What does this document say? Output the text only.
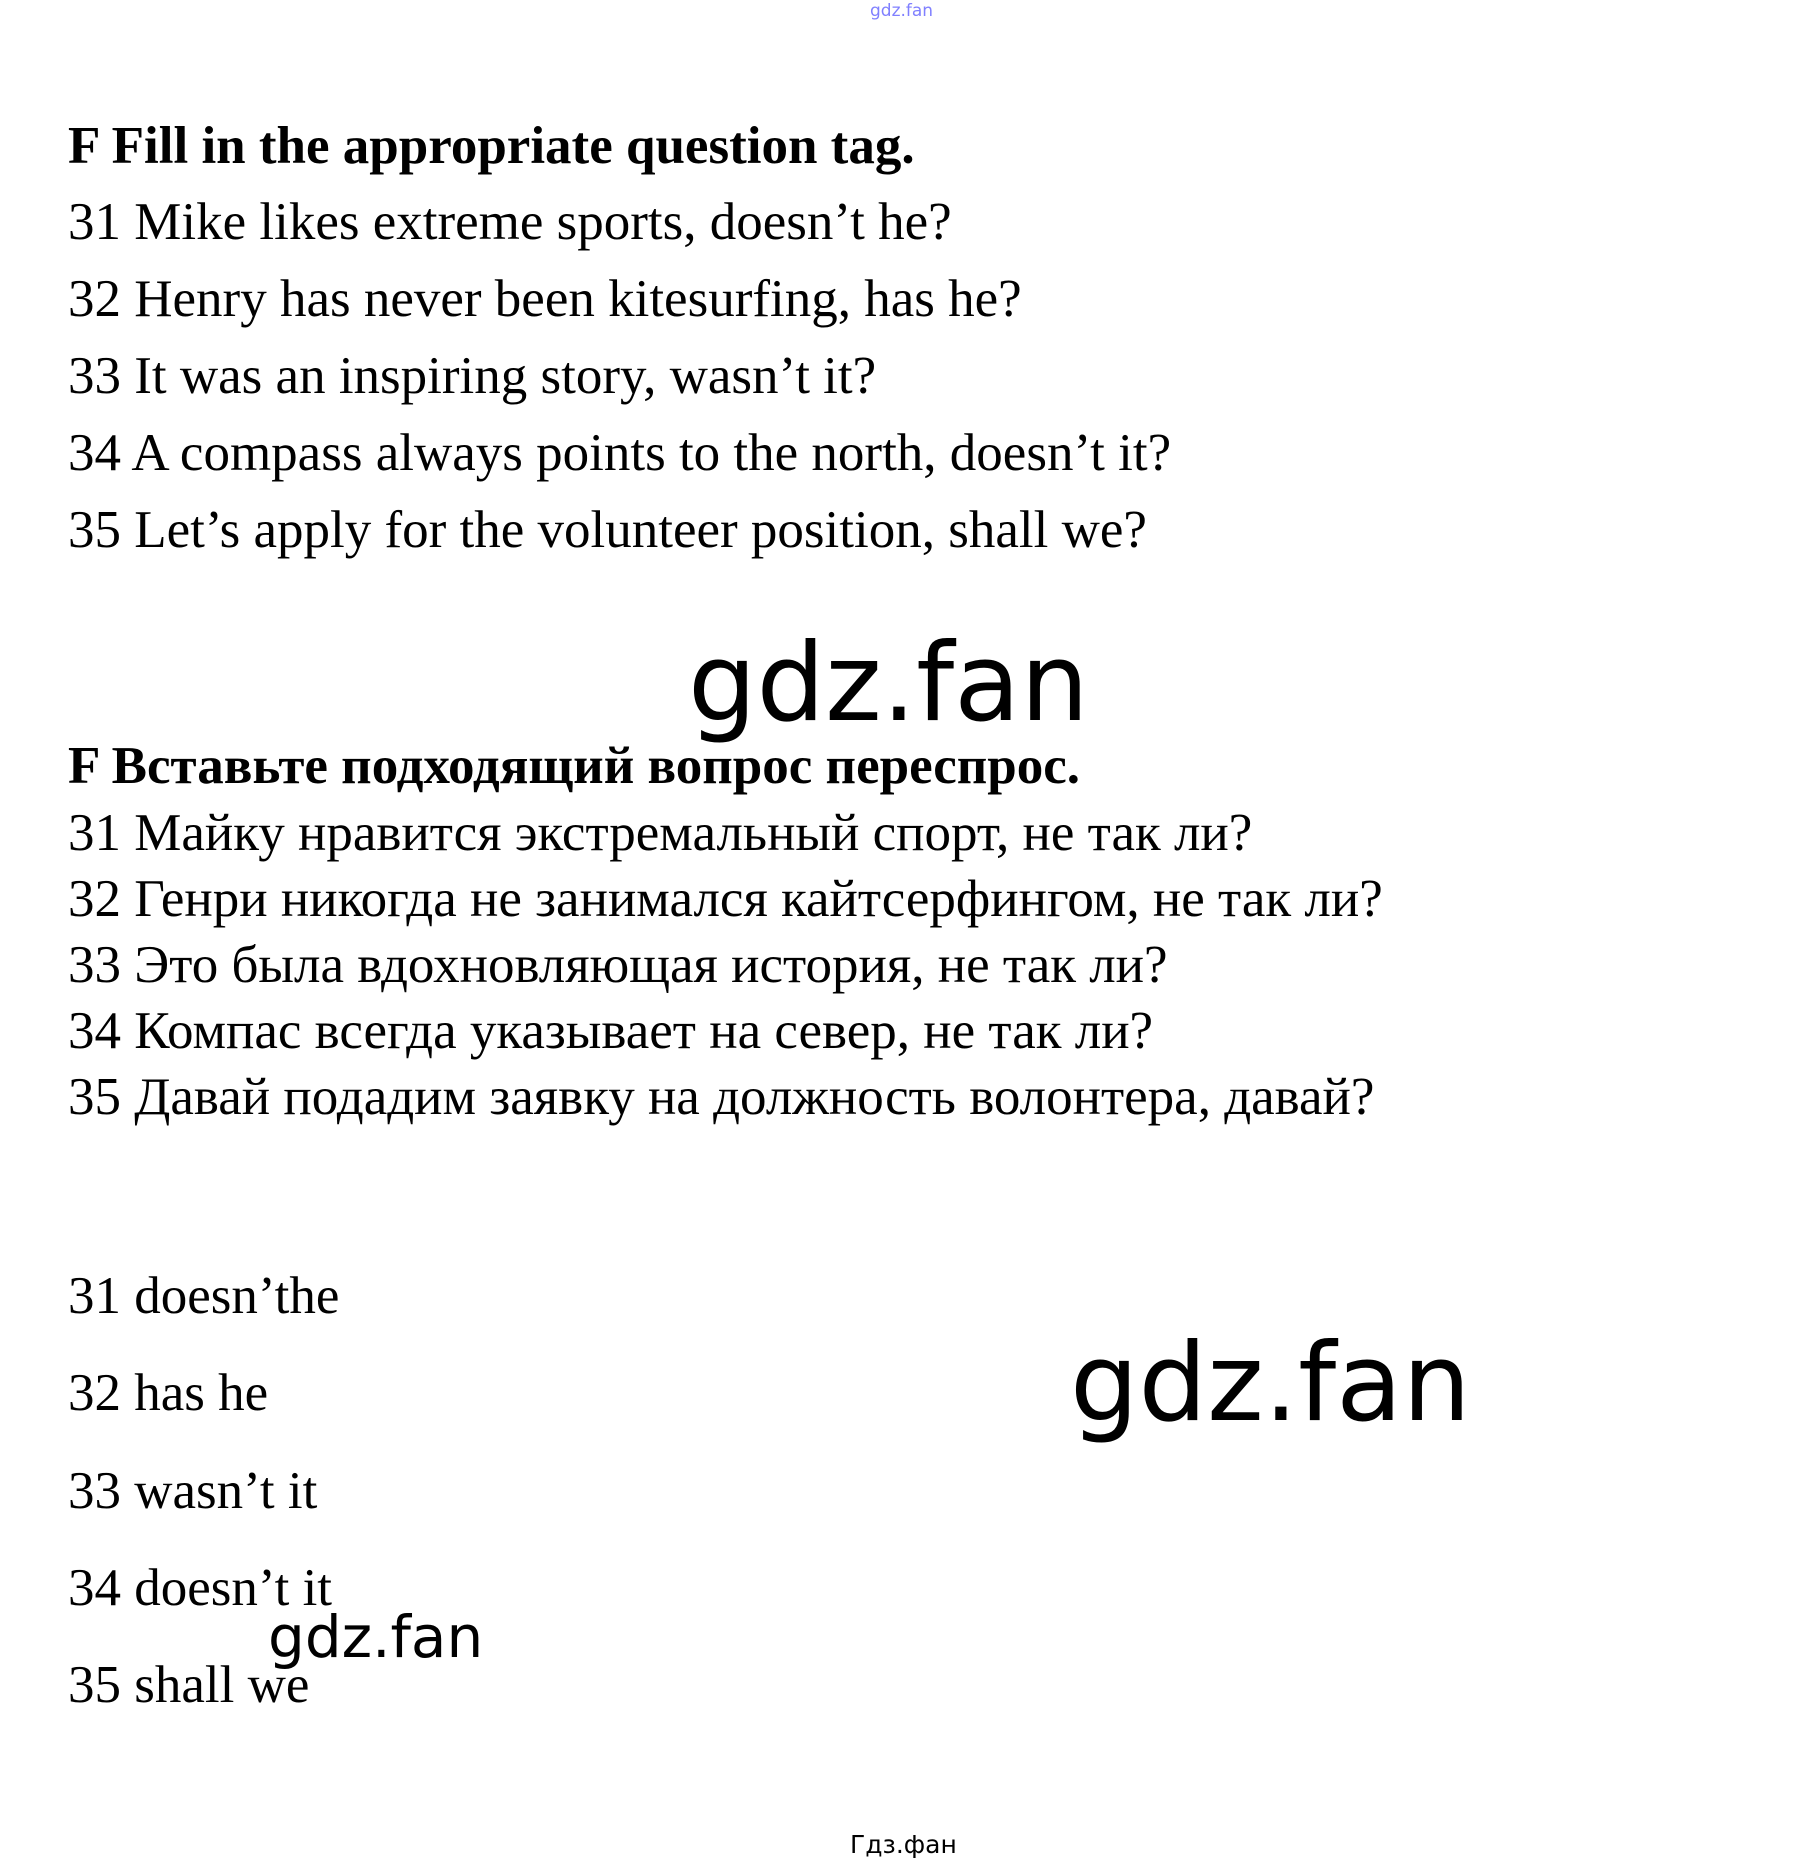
gdz.fan
F Fill in the appropriate question tag.
31 Mike likes extreme sports, doesn’t he?
32 Henry has never been kitesurfing, has he?
33 It was an inspiring story, wasn’t it?
34 A compass always points to the north, doesn’t it?
35 Let’s apply for the volunteer position, shall we?
gdz.fan
F Вставьте подходящий вопрос переспрос.
31 Майку нравится экстремальный спорт, не так ли?
32 Генри никогда не занимался кайтсерфингом, не так ли?
33 Это была вдохновляющая история, не так ли?
34 Компас всегда указывает на север, не так ли?
35 Давай подадим заявку на должность волонтера, давай?
31 doesn’the
32 has he
33 wasn’t it
34 doesn’t it
35 shall we
gdz.fan
gdz.fan
Гдз.фан
